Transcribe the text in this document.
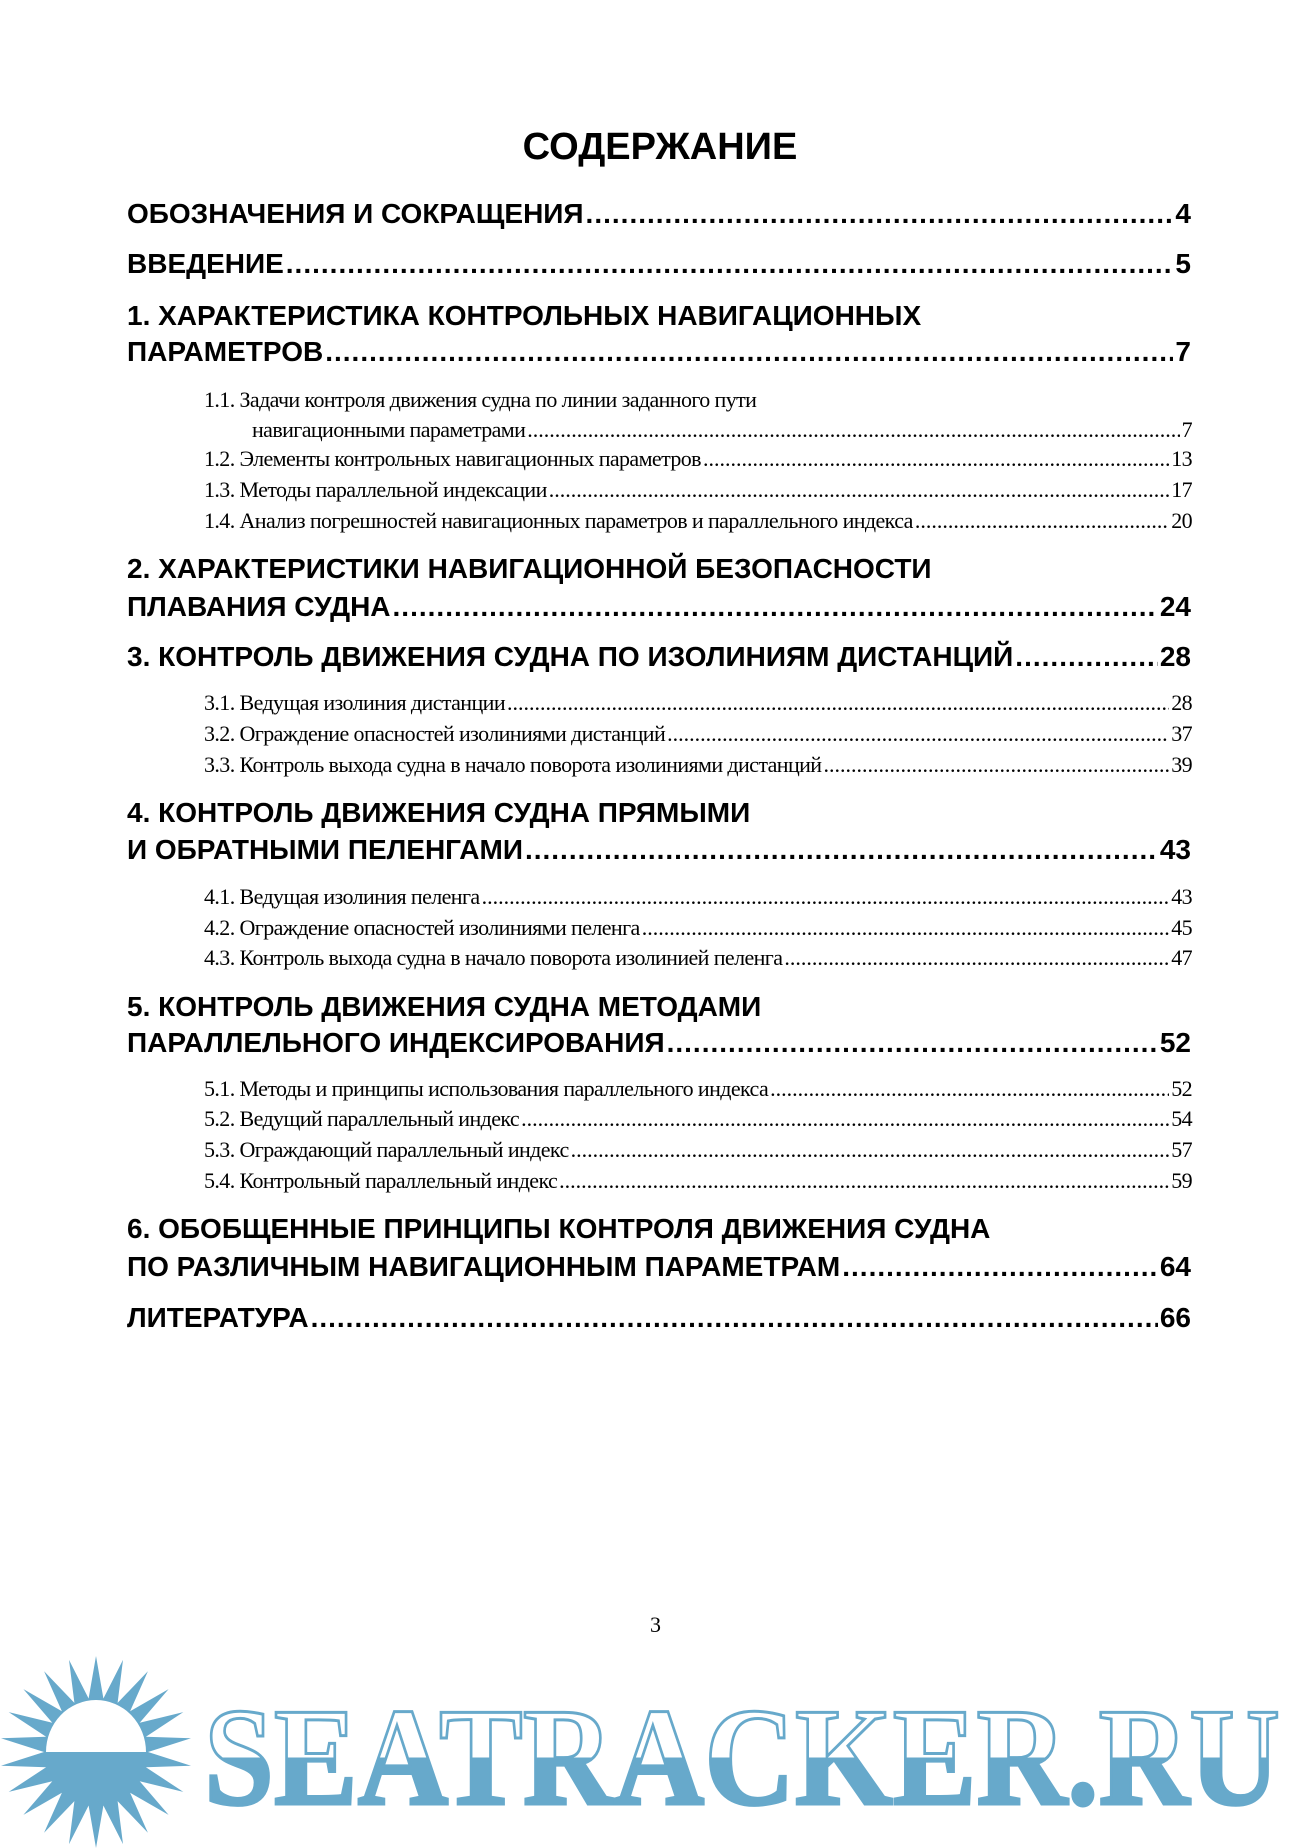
СОДЕРЖАНИЕ
ОБОЗНАЧЕНИЯ И СОКРАЩЕНИЯ .....	4
ВВЕДЕНИЕ .....	5
1. ХАРАКТЕРИСТИКА КОНТРОЛЬНЫХ НАВИГАЦИОННЫХ
ПАРАМЕТРОВ .....	7
1.1. Задачи контроля движения судна по линии заданного пути
навигационными параметрами .....	7
1.2. Элементы контрольных навигационных параметров .....	13
1.3. Методы параллельной индексации .....	17
1.4. Анализ погрешностей навигационных параметров и параллельного индекса .....	20
2. ХАРАКТЕРИСТИКИ НАВИГАЦИОННОЙ БЕЗОПАСНОСТИ
ПЛАВАНИЯ СУДНА .....	24
3. КОНТРОЛЬ ДВИЖЕНИЯ СУДНА ПО ИЗОЛИНИЯМ ДИСТАНЦИЙ .....	28
3.1. Ведущая изолиния дистанции .....	28
3.2. Ограждение опасностей изолиниями дистанций .....	37
3.3. Контроль выхода судна в начало поворота изолиниями дистанций .....	39
4. КОНТРОЛЬ ДВИЖЕНИЯ СУДНА ПРЯМЫМИ
И ОБРАТНЫМИ ПЕЛЕНГАМИ .....	43
4.1. Ведущая изолиния пеленга .....	43
4.2. Ограждение опасностей изолиниями пеленга .....	45
4.3. Контроль выхода судна в начало поворота изолинией пеленга .....	47
5. КОНТРОЛЬ ДВИЖЕНИЯ СУДНА МЕТОДАМИ
ПАРАЛЛЕЛЬНОГО ИНДЕКСИРОВАНИЯ .....	52
5.1. Методы и принципы использования параллельного индекса .....	52
5.2. Ведущий параллельный индекс .....	54
5.3. Ограждающий параллельный индекс .....	57
5.4. Контрольный параллельный индекс .....	59
6. ОБОБЩЕННЫЕ ПРИНЦИПЫ КОНТРОЛЯ ДВИЖЕНИЯ СУДНА
ПО РАЗЛИЧНЫМ НАВИГАЦИОННЫМ ПАРАМЕТРАМ .....	64
ЛИТЕРАТУРА .....	66
3
SEATRACKER.RU
